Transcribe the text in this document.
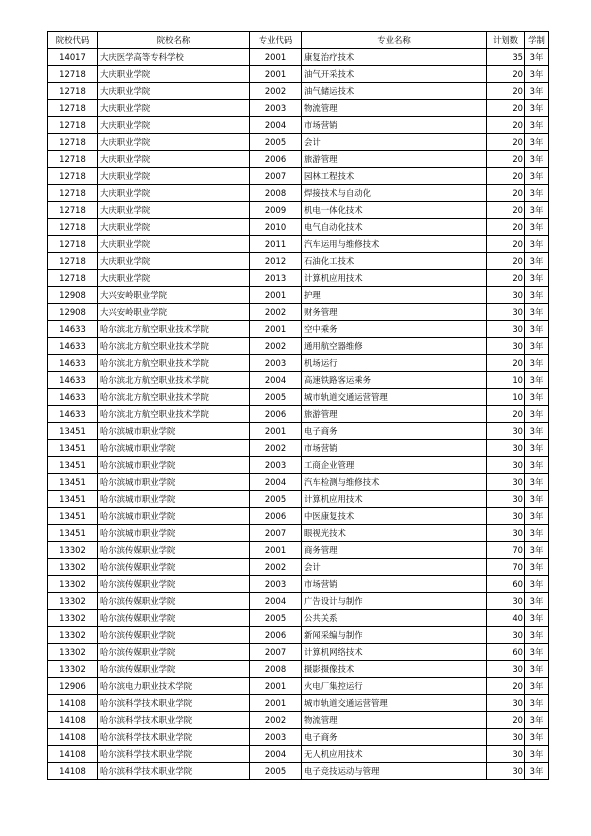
院校代码	院校名称	专业代码	专业名称	计划数	学制
14017	大庆医学高等专科学校	2001	康复治疗技术	35	3年
12718	大庆职业学院	2001	油气开采技术	20	3年
12718	大庆职业学院	2002	油气储运技术	20	3年
12718	大庆职业学院	2003	物流管理	20	3年
12718	大庆职业学院	2004	市场营销	20	3年
12718	大庆职业学院	2005	会计	20	3年
12718	大庆职业学院	2006	旅游管理	20	3年
12718	大庆职业学院	2007	园林工程技术	20	3年
12718	大庆职业学院	2008	焊接技术与自动化	20	3年
12718	大庆职业学院	2009	机电一体化技术	20	3年
12718	大庆职业学院	2010	电气自动化技术	20	3年
12718	大庆职业学院	2011	汽车运用与维修技术	20	3年
12718	大庆职业学院	2012	石油化工技术	20	3年
12718	大庆职业学院	2013	计算机应用技术	20	3年
12908	大兴安岭职业学院	2001	护理	30	3年
12908	大兴安岭职业学院	2002	财务管理	30	3年
14633	哈尔滨北方航空职业技术学院	2001	空中乘务	30	3年
14633	哈尔滨北方航空职业技术学院	2002	通用航空器维修	30	3年
14633	哈尔滨北方航空职业技术学院	2003	机场运行	20	3年
14633	哈尔滨北方航空职业技术学院	2004	高速铁路客运乘务	10	3年
14633	哈尔滨北方航空职业技术学院	2005	城市轨道交通运营管理	10	3年
14633	哈尔滨北方航空职业技术学院	2006	旅游管理	20	3年
13451	哈尔滨城市职业学院	2001	电子商务	30	3年
13451	哈尔滨城市职业学院	2002	市场营销	30	3年
13451	哈尔滨城市职业学院	2003	工商企业管理	30	3年
13451	哈尔滨城市职业学院	2004	汽车检测与维修技术	30	3年
13451	哈尔滨城市职业学院	2005	计算机应用技术	30	3年
13451	哈尔滨城市职业学院	2006	中医康复技术	30	3年
13451	哈尔滨城市职业学院	2007	眼视光技术	30	3年
13302	哈尔滨传媒职业学院	2001	商务管理	70	3年
13302	哈尔滨传媒职业学院	2002	会计	70	3年
13302	哈尔滨传媒职业学院	2003	市场营销	60	3年
13302	哈尔滨传媒职业学院	2004	广告设计与制作	30	3年
13302	哈尔滨传媒职业学院	2005	公共关系	40	3年
13302	哈尔滨传媒职业学院	2006	新闻采编与制作	30	3年
13302	哈尔滨传媒职业学院	2007	计算机网络技术	60	3年
13302	哈尔滨传媒职业学院	2008	摄影摄像技术	30	3年
12906	哈尔滨电力职业技术学院	2001	火电厂集控运行	20	3年
14108	哈尔滨科学技术职业学院	2001	城市轨道交通运营管理	30	3年
14108	哈尔滨科学技术职业学院	2002	物流管理	20	3年
14108	哈尔滨科学技术职业学院	2003	电子商务	30	3年
14108	哈尔滨科学技术职业学院	2004	无人机应用技术	30	3年
14108	哈尔滨科学技术职业学院	2005	电子竞技运动与管理	30	3年
